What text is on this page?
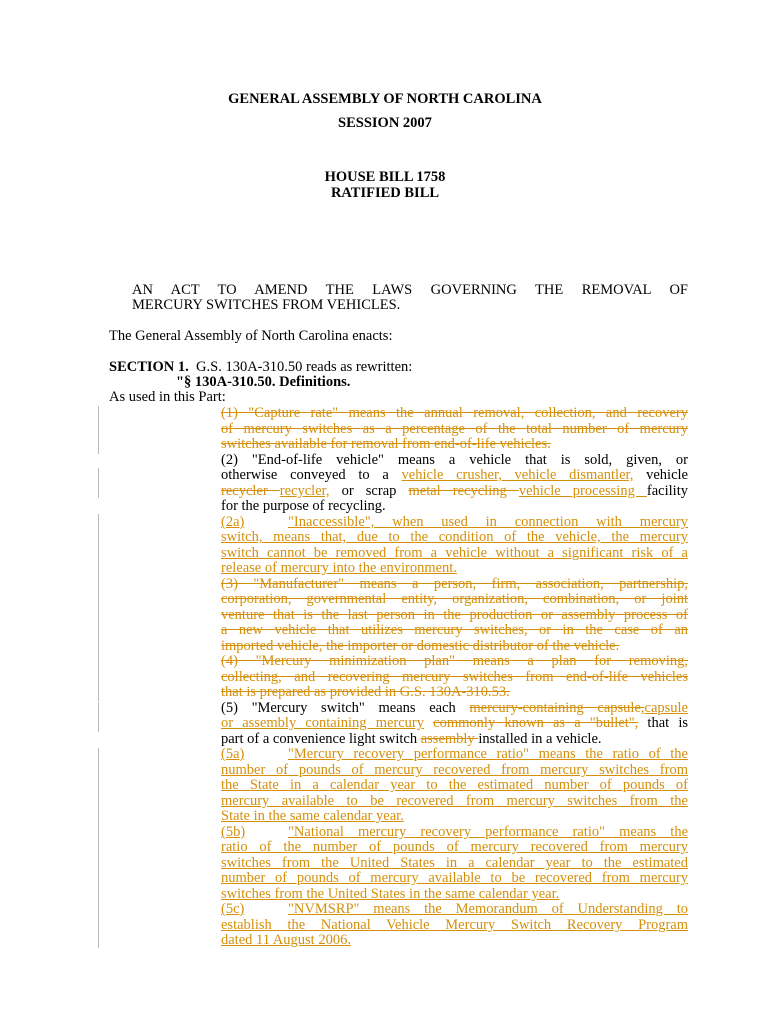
GENERAL ASSEMBLY OF NORTH CAROLINA
SESSION 2007
HOUSE BILL 1758
RATIFIED BILL
AN ACT TO AMEND THE LAWS GOVERNING THE REMOVAL OF
MERCURY SWITCHES FROM VEHICLES.
The General Assembly of North Carolina enacts:
SECTION 1. G.S. 130A-310.50 reads as rewritten:
"§ 130A-310.50. Definitions.
As used in this Part:
(1) "Capture rate" means the annual removal, collection, and recovery
of mercury switches as a percentage of the total number of mercury
switches available for removal from end-of-life vehicles.
(2) "End-of-life vehicle" means a vehicle that is sold, given, or
otherwise conveyed to a vehicle crusher, vehicle dismantler, vehicle
recycler recycler, or scrap metal recycling vehicle processing facility
for the purpose of recycling.
(2a)	"Inaccessible", when used in connection with mercury
switch, means that, due to the condition of the vehicle, the mercury
switch cannot be removed from a vehicle without a significant risk of a
release of mercury into the environment.
(3) "Manufacturer" means a person, firm, association, partnership,
corporation, governmental entity, organization, combination, or joint
venture that is the last person in the production or assembly process of
a new vehicle that utilizes mercury switches, or in the case of an
imported vehicle, the importer or domestic distributor of the vehicle.
(4) "Mercury minimization plan" means a plan for removing,
collecting, and recovering mercury switches from end-of-life vehicles
that is prepared as provided in G.S. 130A-310.53.
(5) "Mercury switch" means each mercury-containing capsule,capsule
or assembly containing mercury commonly known as a "bullet", that is
part of a convenience light switch assembly installed in a vehicle.
(5a)	"Mercury recovery performance ratio" means the ratio of the
number of pounds of mercury recovered from mercury switches from
the State in a calendar year to the estimated number of pounds of
mercury available to be recovered from mercury switches from the
State in the same calendar year.
(5b)	"National mercury recovery performance ratio" means the
ratio of the number of pounds of mercury recovered from mercury
switches from the United States in a calendar year to the estimated
number of pounds of mercury available to be recovered from mercury
switches from the United States in the same calendar year.
(5c)	"NVMSRP" means the Memorandum of Understanding to
establish the National Vehicle Mercury Switch Recovery Program
dated 11 August 2006.
